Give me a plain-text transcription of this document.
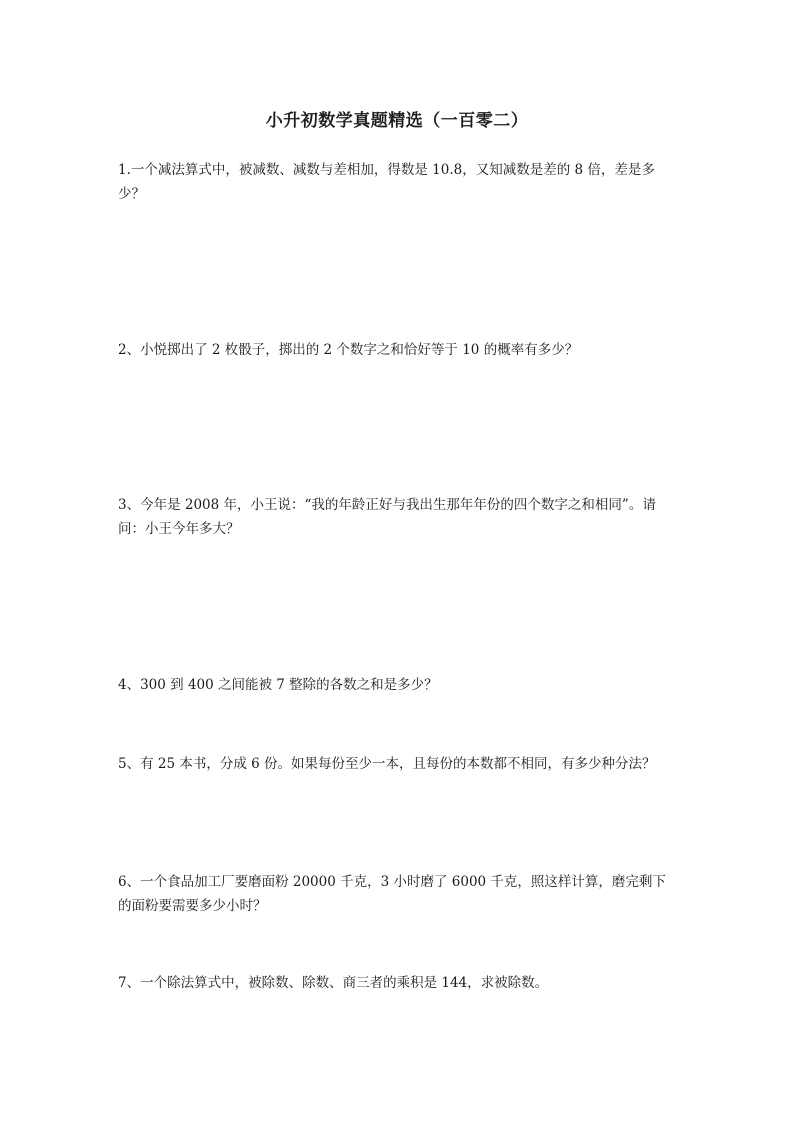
小升初数学真题精选（一百零二）

1.一个减法算式中，被减数、减数与差相加，得数是 10.8，又知减数是差的 8 倍，差是多少？

2、小悦掷出了 2 枚骰子，掷出的 2 个数字之和恰好等于 10 的概率有多少？

3、今年是 2008 年，小王说：“我的年龄正好与我出生那年年份的四个数字之和相同”。请问：小王今年多大？

4、300 到 400 之间能被 7 整除的各数之和是多少？

5、有 25 本书，分成 6 份。如果每份至少一本，且每份的本数都不相同，有多少种分法？

6、一个食品加工厂要磨面粉 20000 千克，3 小时磨了 6000 千克，照这样计算，磨完剩下的面粉要需要多少小时？

7、一个除法算式中，被除数、除数、商三者的乘积是 144，求被除数。
